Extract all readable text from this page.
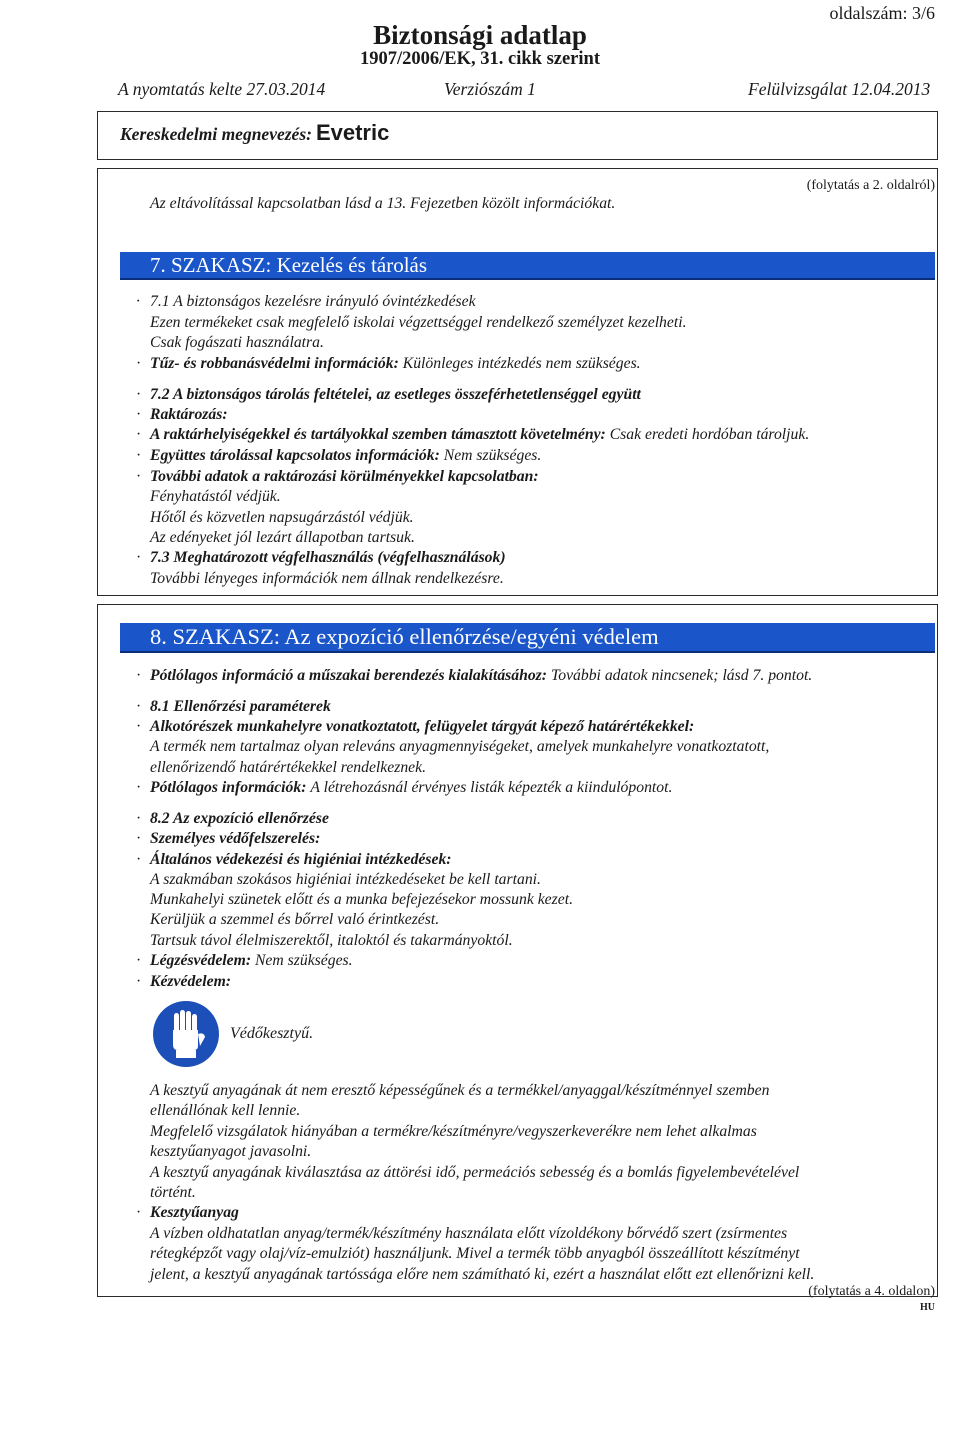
Biztonsági adatlap
1907/2006/EK, 31. cikk szerint
oldalszám: 3/6
A nyomtatás kelte 27.03.2014	Verziószám 1	Felülvizsgálat 12.04.2013
Kereskedelmi megnevezés: Evetric
(folytatás a 2. oldalról)
Az eltávolítással kapcsolatban lásd a 13. Fejezetben közölt információkat.
7. SZAKASZ: Kezelés és tárolás
· 7.1 A biztonságos kezelésre irányuló óvintézkedések
Ezen termékeket csak megfelelő iskolai végzettséggel rendelkező személyzet kezelheti.
Csak fogászati használatra.
· Tűz- és robbanásvédelmi információk: Különleges intézkedés nem szükséges.
· 7.2 A biztonságos tárolás feltételei, az esetleges összeférhetetlenséggel együtt
· Raktározás:
· A raktárhelyiségekkel és tartályokkal szemben támasztott követelmény: Csak eredeti hordóban tároljuk.
· Együttes tárolással kapcsolatos információk: Nem szükséges.
· További adatok a raktározási körülményekkel kapcsolatban:
Fényhatástól védjük.
Hőtől és közvetlen napsugárzástól védjük.
Az edényeket jól lezárt állapotban tartsuk.
· 7.3 Meghatározott végfelhasználás (végfelhasználások)
További lényeges információk nem állnak rendelkezésre.
8. SZAKASZ: Az expozíció ellenőrzése/egyéni védelem
· Pótlólagos információ a műszakai berendezés kialakításához: További adatok nincsenek; lásd 7. pontot.
· 8.1 Ellenőrzési paraméterek
· Alkotórészek munkahelyre vonatkoztatott, felügyelet tárgyát képező határértékekkel:
A termék nem tartalmaz olyan releváns anyagmennyiségeket, amelyek munkahelyre vonatkoztatott,
ellenőrizendő határértékekkel rendelkeznek.
· Pótlólagos információk: A létrehozásnál érvényes listák képezték a kiindulópontot.
· 8.2 Az expozíció ellenőrzése
· Személyes védőfelszerelés:
· Általános védekezési és higiéniai intézkedések:
A szakmában szokásos higiéniai intézkedéseket be kell tartani.
Munkahelyi szünetek előtt és a munka befejezésekor mossunk kezet.
Kerüljük a szemmel és bőrrel való érintkezést.
Tartsuk távol élelmiszerektől, italoktól és takarmányoktól.
· Légzésvédelem: Nem szükséges.
· Kézvédelem:
Védőkesztyű.
A kesztyű anyagának át nem eresztő képességűnek és a termékkel/anyaggal/készítménnyel szemben
ellenállónak kell lennie.
Megfelelő vizsgálatok hiányában a termékre/készítményre/vegyszerkeverékre nem lehet alkalmas
kesztyűanyagot javasolni.
A kesztyű anyagának kiválasztása az áttörési idő, permeációs sebesség és a bomlás figyelembevételével
történt.
· Kesztyűanyag
A vízben oldhatatlan anyag/termék/készítmény használata előtt vízoldékony bőrvédő szert (zsírmentes
rétegképzőt vagy olaj/víz-emulziót) használjunk. Mivel a termék több anyagból összeállított készítményt
jelent, a kesztyű anyagának tartóssága előre nem számítható ki, ezért a használat előtt ezt ellenőrizni kell.
(folytatás a 4. oldalon)
HU
